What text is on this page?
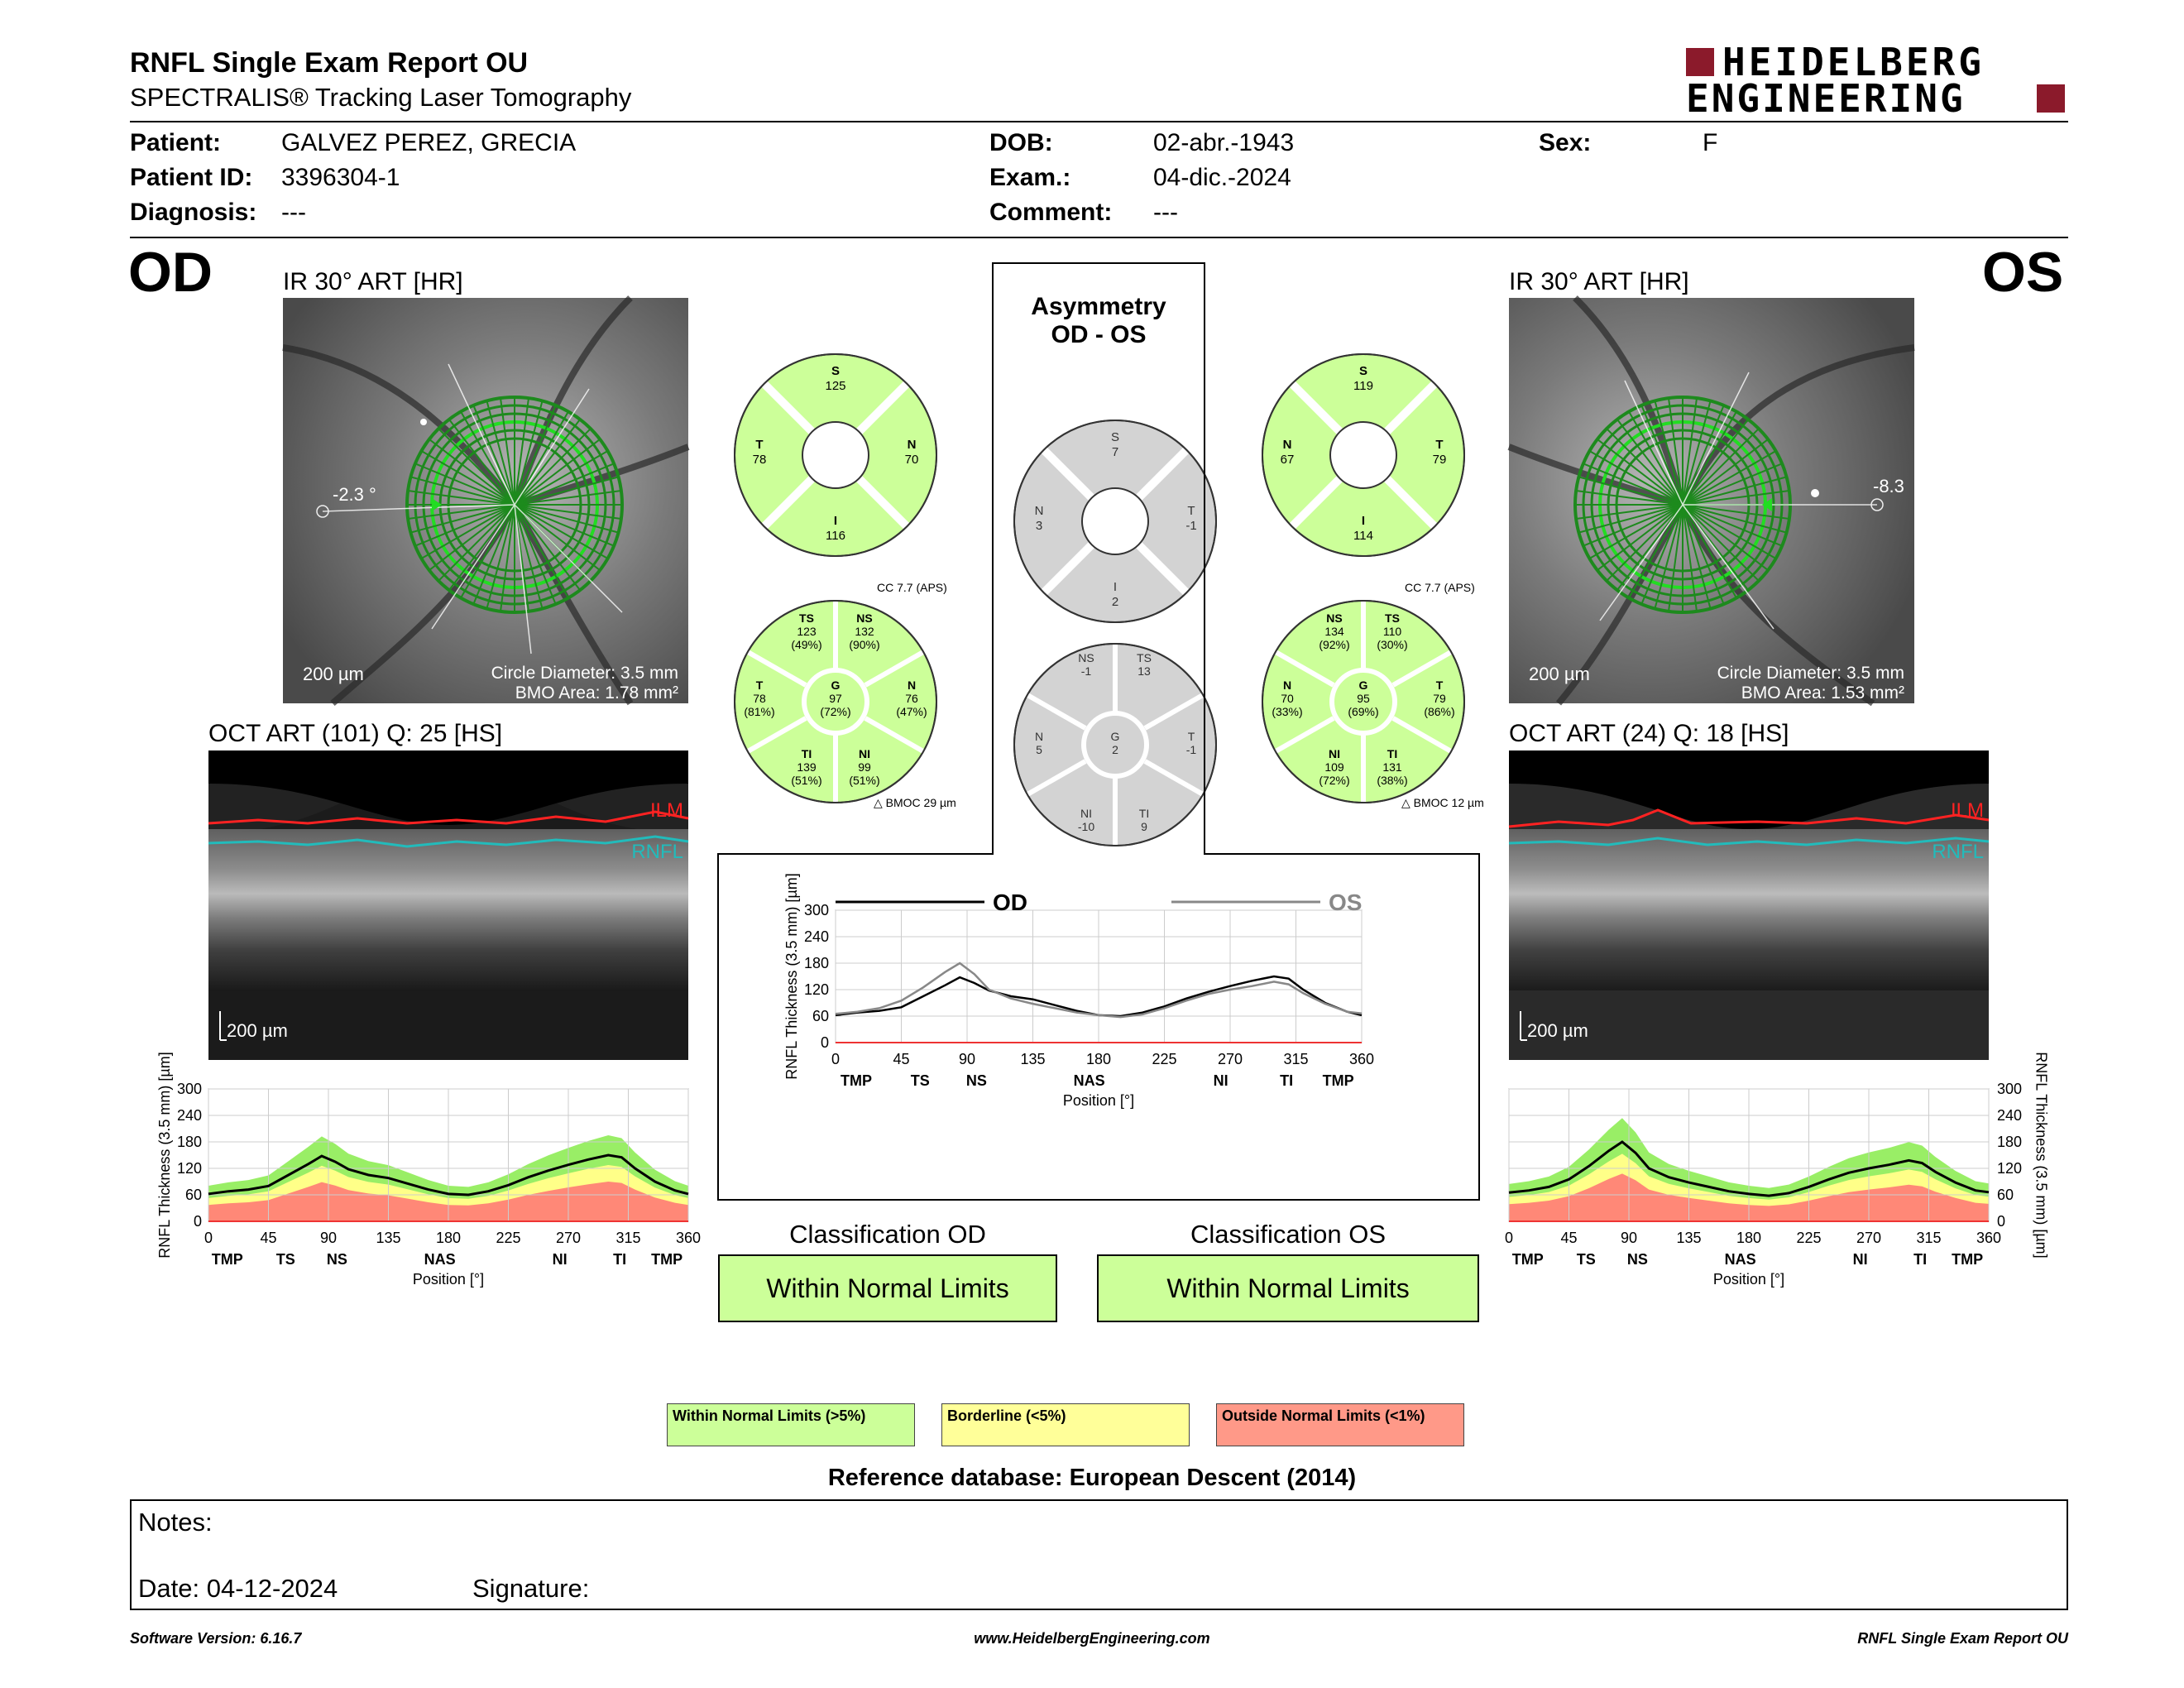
RNFL Single Exam Report OU
SPECTRALIS® Tracking Laser Tomography
HEIDELBERG
ENGINEERING
Patient: GALVEZ PEREZ, GRECIA
Patient ID: 3396304-1
Diagnosis: ---
DOB:	02-abr.-1943
Exam.:	04-dic.-2024
Comment: ---
Sex:	F
OD	OS
IR 30° ART [HR]
-2.3 °
200 µm	Circle Diameter: 3.5 mm
BMO Area: 1.78 mm²
IR 30° ART [HR]
-8.3
200 µm	Circle Diameter: 3.5 mm
BMO Area: 1.53 mm²
OCT ART (101) Q: 25 [HS]
ILM
RNFL
200 µm
OCT ART (24) Q: 18 [HS]
ILM
RNFL
200 µm
S
125
N
70
I
116
T
78
S
7
N
3
I
2
T
-1
S
119
N
67
I
114
T
79
CC 7.7 (APS)
TS
123
(49%)
NS
132
(90%)
T
78
(81%)
G
97
(72%)
N
76
(47%)
TI
139
(51%)
NI
99
(51%)
△ BMOC 29 µm
NS
-1
TS
13
N
5
G
2
T
-1
NI
-10
TI
9
CC 7.7 (APS)
NS
134
(92%)
TS
110
(30%)
N
70
(33%)
G
95
(69%)
T
79
(86%)
NI
109
(72%)
TI
131
(38%)
△ BMOC 12 µm
Asymmetry
OD - OS
0
60
120
180
240
300
0	45	90	135 180 225 270 315 360
TMP TS NS	NAS	NI	TI TMP
Position [°]
RNFL Thickness (3.5 mm) [µm]	0
60
120
180
240
300
0	45	90	135 180 225 270 315 360
TMP TS NS	NAS	NI	TI TMP
Position [°]
RNFL Thickness (3.5 mm) [µm]
0
60
120
180
240
300
0	45	90	135	180	225	270	315	360
TMP	TS NS	NAS	NI	TI TMP
Position [°]
RNFL Thickness (3.5 mm) [µm]	OD	OS
Classification OD
Within Normal Limits
Classification OS
Within Normal Limits
Within Normal Limits (>5%)	Borderline (<5%)	Outside Normal Limits (<1%)
Reference database: European Descent (2014)
Notes:
Date: 04-12-2024	Signature:
Software Version: 6.16.7	www.HeidelbergEngineering.com	RNFL Single Exam Report OU
